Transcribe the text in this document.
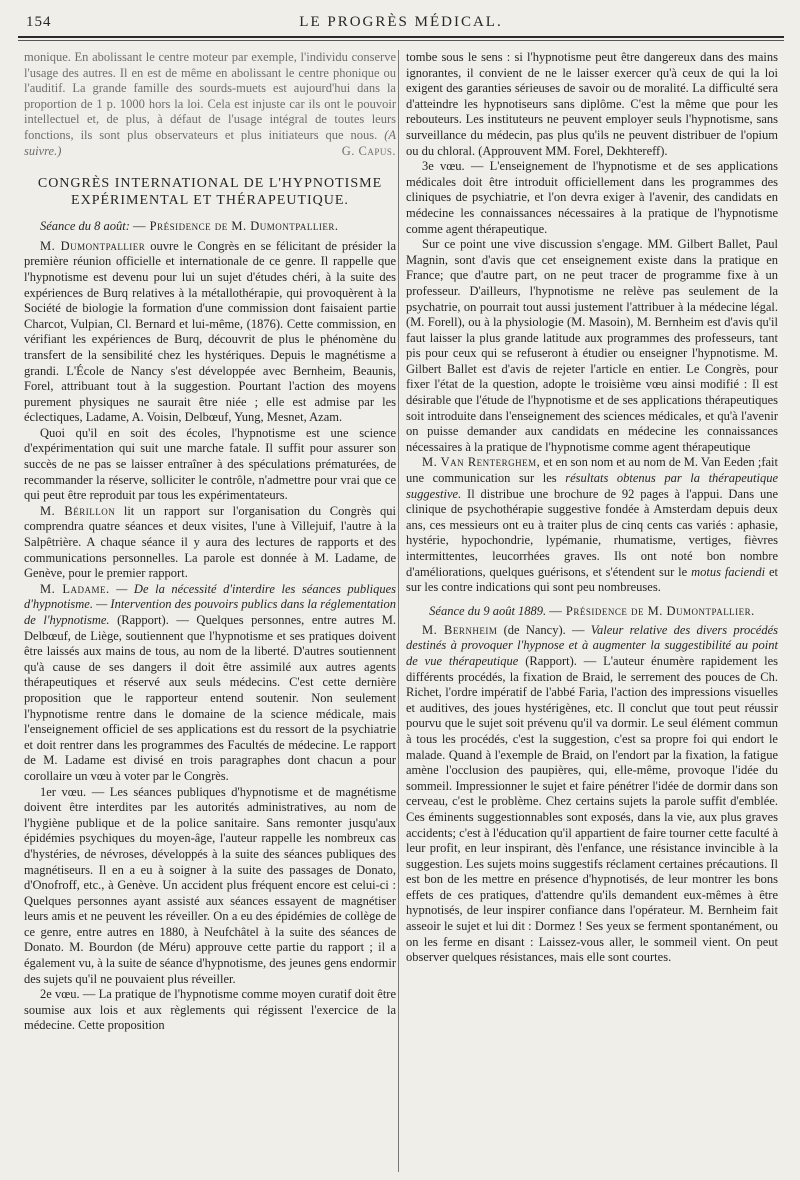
154	LE PROGRÈS MÉDICAL.

monique. En abolissant le centre moteur par exemple, l'individu conserve l'usage des autres. Il en est de même en abolissant le centre phonique ou l'auditif. La grande famille des sourds-muets est aujourd'hui dans la proportion de 1 p. 1000 hors la loi. Cela est injuste car ils ont le pouvoir intellectuel et, de plus, à défaut de l'usage intégral de toutes leurs fonctions, ils sont plus observateurs et plus initiateurs que nous. (A suivre.)	G. Capus.

CONGRÈS INTERNATIONAL DE L'HYPNOTISME
EXPÉRIMENTAL ET THÉRAPEUTIQUE.

Séance du 8 août: — Présidence de M. Dumontpallier.

M. Dumontpallier ouvre le Congrès en se félicitant de présider la première réunion officielle et internationale de ce genre. Il rappelle que l'hypnotisme est devenu pour lui un sujet d'études chéri, à la suite des expériences de Burq relatives à la métallothérapie, qui provoquèrent à la Société de biologie la formation d'une commission dont faisaient partie Charcot, Vulpian, Cl. Bernard et lui-même, (1876). Cette commission, en vérifiant les expériences de Burq, découvrit de plus le phénomène du transfert de la sensibilité chez les hystériques. Depuis le magnétisme a grandi. L'École de Nancy s'est développée avec Bernheim, Beaunis, Forel, attribuant tout à la suggestion. Pourtant l'action des moyens purement physiques ne saurait être niée ; elle est admise par les éclectiques, Ladame, A. Voisin, Delbœuf, Yung, Mesnet, Azam.

Quoi qu'il en soit des écoles, l'hypnotisme est une science d'expérimentation qui suit une marche fatale. Il suffit pour assurer son succès de ne pas se laisser entraîner à des spéculations prématurées, de recommander la réserve, solliciter le contrôle, n'admettre pour vrai que ce qui peut être reproduit par tous les expérimentateurs.

M. Bérillon lit un rapport sur l'organisation du Congrès qui comprendra quatre séances et deux visites, l'une à Villejuif, l'autre à la Salpêtrière. A chaque séance il y aura des lectures de rapports et des communications personnelles. La parole est donnée à M. Ladame, de Genève, pour le premier rapport.

M. Ladame. — De la nécessité d'interdire les séances publiques d'hypnotisme. — Intervention des pouvoirs publics dans la réglementation de l'hypnotisme. (Rapport). — Quelques personnes, entre autres M. Delbœuf, de Liège, soutiennent que l'hypnotisme et ses pratiques doivent être laissés aux mains de tous, au nom de la liberté. D'autres soutiennent qu'à cause de ses dangers il doit être assimilé aux autres agents thérapeutiques et réservé aux seuls médecins. C'est cette dernière proposition que le rapporteur entend soutenir. Non seulement l'hypnotisme rentre dans le domaine de la science médicale, mais l'enseignement officiel de ses applications est du ressort de la psychiatrie et doit rentrer dans les programmes des Facultés de médecine. Le rapport de M. Ladame est divisé en trois paragraphes dont chacun a pour corollaire un vœu à voter par le Congrès.

1er vœu. — Les séances publiques d'hypnotisme et de magnétisme doivent être interdites par les autorités administratives, au nom de l'hygiène publique et de la police sanitaire. Sans remonter jusqu'aux épidémies psychiques du moyen-âge, l'auteur rappelle les nombreux cas d'hystéries, de névroses, développés à la suite des séances publiques des magnétiseurs. Il en a eu à soigner à la suite des passages de Donato, d'Onofroff, etc., à Genève. Un accident plus fréquent encore est celui-ci : Quelques personnes ayant assisté aux séances essayent de magnétiser leurs amis et ne peuvent les réveiller. On a eu des épidémies de collège de ce genre, entre autres en 1880, à Neufchâtel à la suite des séances de Donato. M. Bourdon (de Méru) approuve cette partie du rapport ; il a également vu, à la suite de séance d'hypnotisme, des jeunes gens endormir des sujets qu'il ne pouvaient plus réveiller.

2e vœu. — La pratique de l'hypnotisme comme moyen curatif doit être soumise aux lois et aux règlements qui régissent l'exercice de la médecine. Cette proposition

tombe sous le sens : si l'hypnotisme peut être dangereux dans des mains ignorantes, il convient de ne le laisser exercer qu'à ceux de qui la loi exigent des garanties sérieuses de savoir ou de moralité. La difficulté sera d'atteindre les hypnotiseurs sans diplôme. C'est la même que pour les rebouteurs. Les instituteurs ne peuvent employer seuls l'hypnotisme, sans surveillance du médecin, pas plus qu'ils ne peuvent distribuer de l'opium ou du chloral. (Approuvent MM. Forel, Dekhtereff).

3e vœu. — L'enseignement de l'hypnotisme et de ses applications médicales doit être introduit officiellement dans les programmes des cliniques de psychiatrie, et l'on devra exiger à l'avenir, des candidats en médecine les connaissances nécessaires à la pratique de l'hypnotisme comme agent thérapeutique.

Sur ce point une vive discussion s'engage. MM. Gilbert Ballet, Paul Magnin, sont d'avis que cet enseignement existe dans la pratique en France; que d'autre part, on ne peut tracer de programme fixe à un professeur. D'ailleurs, l'hypnotisme ne relève pas seulement de la psychatrie, on pourrait tout aussi justement l'attribuer à la médecine légal. (M. Forell), ou à la physiologie (M. Masoin), M. Bernheim est d'avis qu'il faut laisser la plus grande latitude aux programmes des professeurs, tant pis pour ceux qui se refuseront à étudier ou enseigner l'hypnotisme. M. Gilbert Ballet est d'avis de rejeter l'article en entier. Le Congrès, pour fixer l'état de la question, adopte le troisième vœu ainsi modifié : Il est désirable que l'étude de l'hypnotisme et de ses applications thérapeutiques soit introduite dans l'enseignement des sciences médicales, et qu'à l'avenir on puisse demander aux candidats en médecine les connaissances nécessaires à la pratique de l'hypnotisme comme agent thérapeutique

M. Van Renterghem, et en son nom et au nom de M. Van Eeden ;fait une communication sur les résultats obtenus par la thérapeutique suggestive. Il distribue une brochure de 92 pages à l'appui. Dans une clinique de psychothérapie suggestive fondée à Amsterdam depuis deux ans, ces messieurs ont eu à traiter plus de cinq cents cas variés : aphasie, hystérie, hypochondrie, lypémanie, rhumatisme, vertiges, fièvres intermittentes, leucorrhées graves. Ils ont noté bon nombre d'améliorations, quelques guérisons, et s'étendent sur le motus faciendi et sur les contre indications qui sont peu nombreuses.

Séance du 9 août 1889. — Présidence de M. Dumontpallier.

M. Bernheim (de Nancy). — Valeur relative des divers procédés destinés à provoquer l'hypnose et à augmenter la suggestibilité au point de vue thérapeutique (Rapport). — L'auteur énumère rapidement les différents procédés, la fixation de Braid, le serrement des pouces de Ch. Richet, l'ordre impératif de l'abbé Faria, l'action des impressions visuelles et auditives, des joues hystérigènes, etc. Il conclut que tout peut réussir pourvu que le sujet soit prévenu qu'il va dormir. Le seul élément commun à tous les procédés, c'est la suggestion, c'est sa propre foi qui endort le malade. Quand à l'exemple de Braid, on l'endort par la fixation, la fatigue amène l'occlusion des paupières, qui, elle-même, provoque l'idée du sommeil. Impressionner le sujet et faire pénétrer l'idée de dormir dans son cerveau, c'est le problème. Chez certains sujets la parole suffit d'emblée. Ces éminents suggestionnables sont exposés, dans la vie, aux plus graves accidents; c'est à l'éducation qu'il appartient de faire tourner cette faculté à leur profit, en leur inspirant, dès l'enfance, une résistance invincible à la suggestion. Les sujets moins suggestifs réclament certaines précautions. Il est bon de les mettre en présence d'hypnotisés, de leur montrer les bons effets de ces pratiques, d'attendre qu'ils demandent eux-mêmes à être hypnotisés, de leur inspirer confiance dans l'opérateur. M. Bernheim fait asseoir le sujet et lui dit : Dormez ! Ses yeux se ferment spontanément, ou on les ferme en disant : Laissez-vous aller, le sommeil vient. On peut observer quelques résistances, mais elle sont courtes.
